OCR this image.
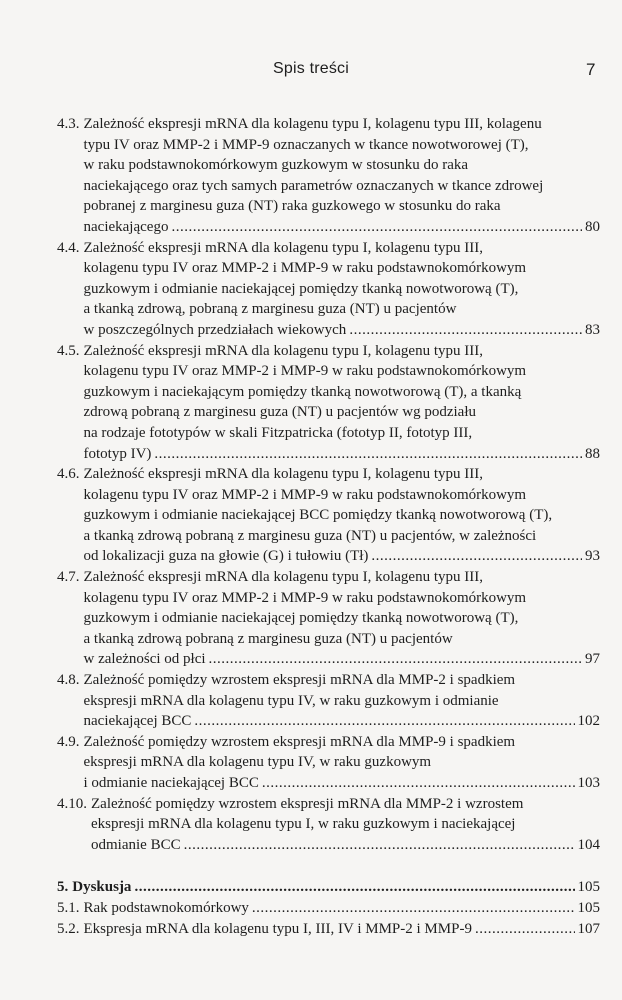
Spis treści	7
4.3. Zależność ekspresji mRNA dla kolagenu typu I, kolagenu typu III, kolagenu
typu IV oraz MMP-2 i MMP-9 oznaczanych w tkance nowotworowej (T),
w raku podstawnokomórkowym guzkowym w stosunku do raka
naciekającego oraz tych samych parametrów oznaczanych w tkance zdrowej
pobranej z marginesu guza (NT) raka guzkowego w stosunku do raka
naciekającego .....	80
4.4. Zależność ekspresji mRNA dla kolagenu typu I, kolagenu typu III,
kolagenu typu IV oraz MMP-2 i MMP-9 w raku podstawnokomórkowym
guzkowym i odmianie naciekającej pomiędzy tkanką nowotworową (T),
a tkanką zdrową, pobraną z marginesu guza (NT) u pacjentów
w poszczególnych przedziałach wiekowych .....	83
4.5. Zależność ekspresji mRNA dla kolagenu typu I, kolagenu typu III,
kolagenu typu IV oraz MMP-2 i MMP-9 w raku podstawnokomórkowym
guzkowym i naciekającym pomiędzy tkanką nowotworową (T), a tkanką
zdrową pobraną z marginesu guza (NT) u pacjentów wg podziału
na rodzaje fototypów w skali Fitzpatricka (fototyp II, fototyp III,
fototyp IV) .....	88
4.6. Zależność ekspresji mRNA dla kolagenu typu I, kolagenu typu III,
kolagenu typu IV oraz MMP-2 i MMP-9 w raku podstawnokomórkowym
guzkowym i odmianie naciekającej BCC pomiędzy tkanką nowotworową (T),
a tkanką zdrową pobraną z marginesu guza (NT) u pacjentów, w zależności
od lokalizacji guza na głowie (G) i tułowiu (Tł) .....	93
4.7. Zależność ekspresji mRNA dla kolagenu typu I, kolagenu typu III,
kolagenu typu IV oraz MMP-2 i MMP-9 w raku podstawnokomórkowym
guzkowym i odmianie naciekającej pomiędzy tkanką nowotworową (T),
a tkanką zdrową pobraną z marginesu guza (NT) u pacjentów
w zależności od płci .....	97
4.8. Zależność pomiędzy wzrostem ekspresji mRNA dla MMP-2 i spadkiem
ekspresji mRNA dla kolagenu typu IV, w raku guzkowym i odmianie
naciekającej BCC .....	102
4.9. Zależność pomiędzy wzrostem ekspresji mRNA dla MMP-9 i spadkiem
ekspresji mRNA dla kolagenu typu IV, w raku guzkowym
i odmianie naciekającej BCC .....	103
4.10. Zależność pomiędzy wzrostem ekspresji mRNA dla MMP-2 i wzrostem
ekspresji mRNA dla kolagenu typu I, w raku guzkowym i naciekającej
odmianie BCC .....	104
5. Dyskusja .....	105
5.1. Rak podstawnokomórkowy .....	105
5.2. Ekspresja mRNA dla kolagenu typu I, III, IV i MMP-2 i MMP-9 .....	107
